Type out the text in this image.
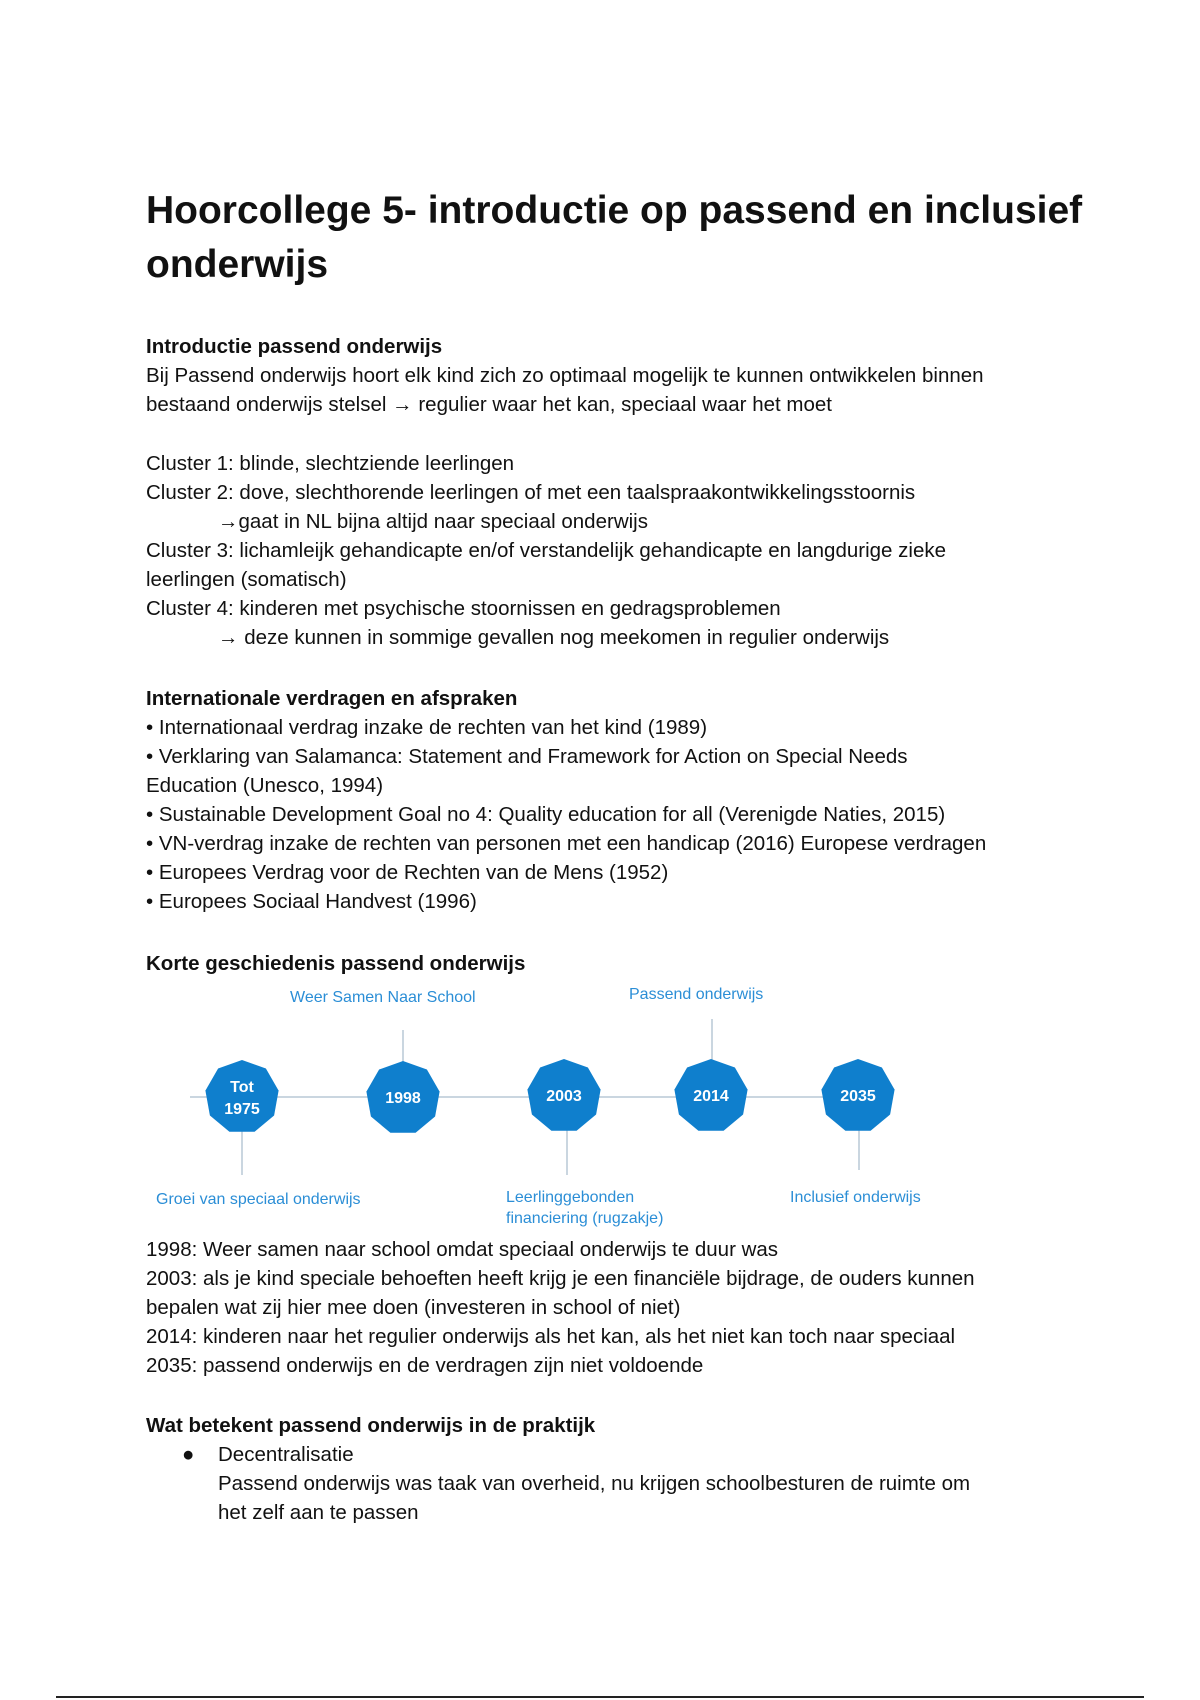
Hoorcollege 5- introductie op passend en inclusief onderwijs

Introductie passend onderwijs

Bij Passend onderwijs hoort elk kind zich zo optimaal mogelijk te kunnen ontwikkelen binnen

bestaand onderwijs stelsel → regulier waar het kan, speciaal waar het moet

Cluster 1: blinde, slechtziende leerlingen

Cluster 2: dove, slechthorende leerlingen of met een taalspraakontwikkelingsstoornis

→gaat in NL bijna altijd naar speciaal onderwijs

Cluster 3: lichamleijk gehandicapte en/of verstandelijk gehandicapte en langdurige zieke

leerlingen (somatisch)

Cluster 4: kinderen met psychische stoornissen en gedragsproblemen

→ deze kunnen in sommige gevallen nog meekomen in regulier onderwijs

Internationale verdragen en afspraken

• Internationaal verdrag inzake de rechten van het kind (1989)

• Verklaring van Salamanca: Statement and Framework for Action on Special Needs

Education (Unesco, 1994)

• Sustainable Development Goal no 4: Quality education for all (Verenigde Naties, 2015)

• VN-verdrag inzake de rechten van personen met een handicap (2016) Europese verdragen

• Europees Verdrag voor de Rechten van de Mens (1952)

• Europees Sociaal Handvest (1996)

Korte geschiedenis passend onderwijs

Tot
1975
1998	2003	2014	2035
Weer Samen Naar School	Passend onderwijs
Groei van speciaal onderwijs	Leerlinggebonden
financiering (rugzakje)
Inclusief onderwijs

1998: Weer samen naar school omdat speciaal onderwijs te duur was

2003: als je kind speciale behoeften heeft krijg je een financiële bijdrage, de ouders kunnen

bepalen wat zij hier mee doen (investeren in school of niet)

2014: kinderen naar het regulier onderwijs als het kan, als het niet kan toch naar speciaal

2035: passend onderwijs en de verdragen zijn niet voldoende

Wat betekent passend onderwijs in de praktijk

● Decentralisatie

Passend onderwijs was taak van overheid, nu krijgen schoolbesturen de ruimte om

het zelf aan te passen
